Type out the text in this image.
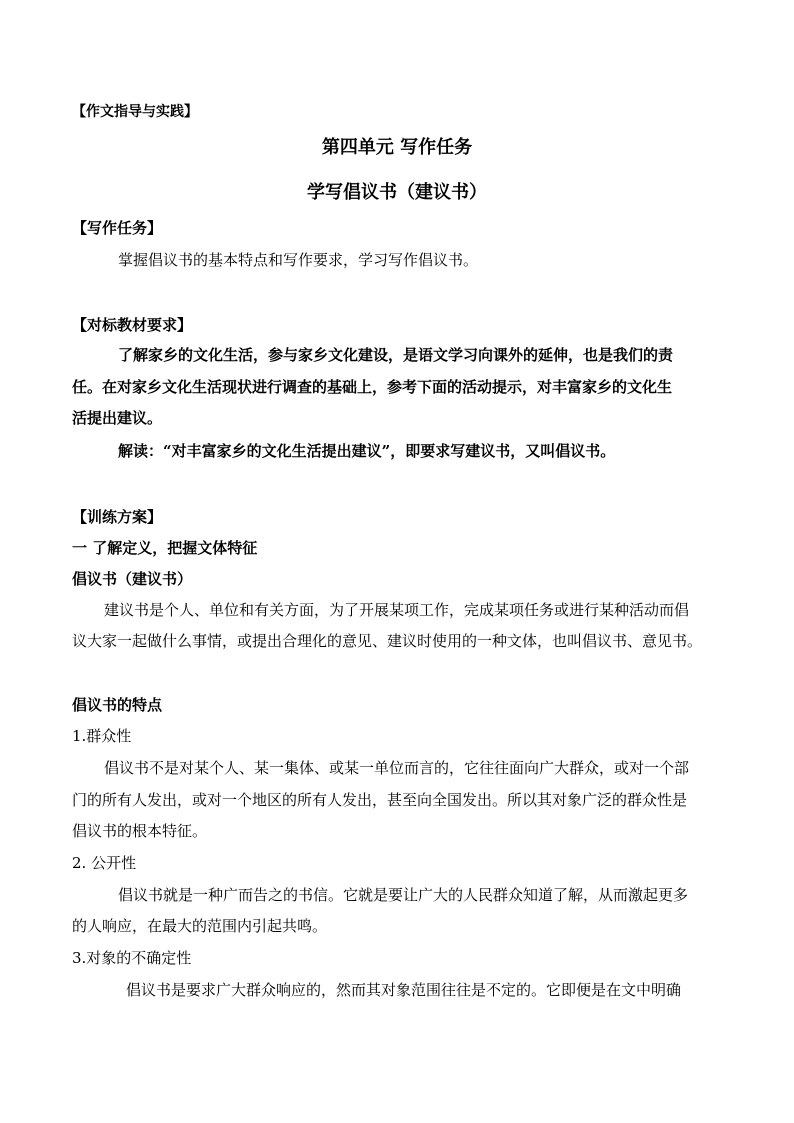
【作文指导与实践】
第四单元 写作任务
学写倡议书（建议书）
【写作任务】
掌握倡议书的基本特点和写作要求，学习写作倡议书。
【对标教材要求】
了解家乡的文化生活，参与家乡文化建设，是语文学习向课外的延伸，也是我们的责
任。在对家乡文化生活现状进行调查的基础上，参考下面的活动提示，对丰富家乡的文化生
活提出建议。
解读：“对丰富家乡的文化生活提出建议”，即要求写建议书，又叫倡议书。
【训练方案】
一 了解定义，把握文体特征
倡议书（建议书）
建议书是个人、单位和有关方面，为了开展某项工作，完成某项任务或进行某种活动而倡
议大家一起做什么事情，或提出合理化的意见、建议时使用的一种文体，也叫倡议书、意见书。
倡议书的特点
1.群众性
倡议书不是对某个人、某一集体、或某一单位而言的，它往往面向广大群众，或对一个部
门的所有人发出，或对一个地区的所有人发出，甚至向全国发出。所以其对象广泛的群众性是
倡议书的根本特征。
2. 公开性
倡议书就是一种广而告之的书信。它就是要让广大的人民群众知道了解，从而激起更多
的人响应，在最大的范围内引起共鸣。
3.对象的不确定性
倡议书是要求广大群众响应的，然而其对象范围往往是不定的。它即便是在文中明确
